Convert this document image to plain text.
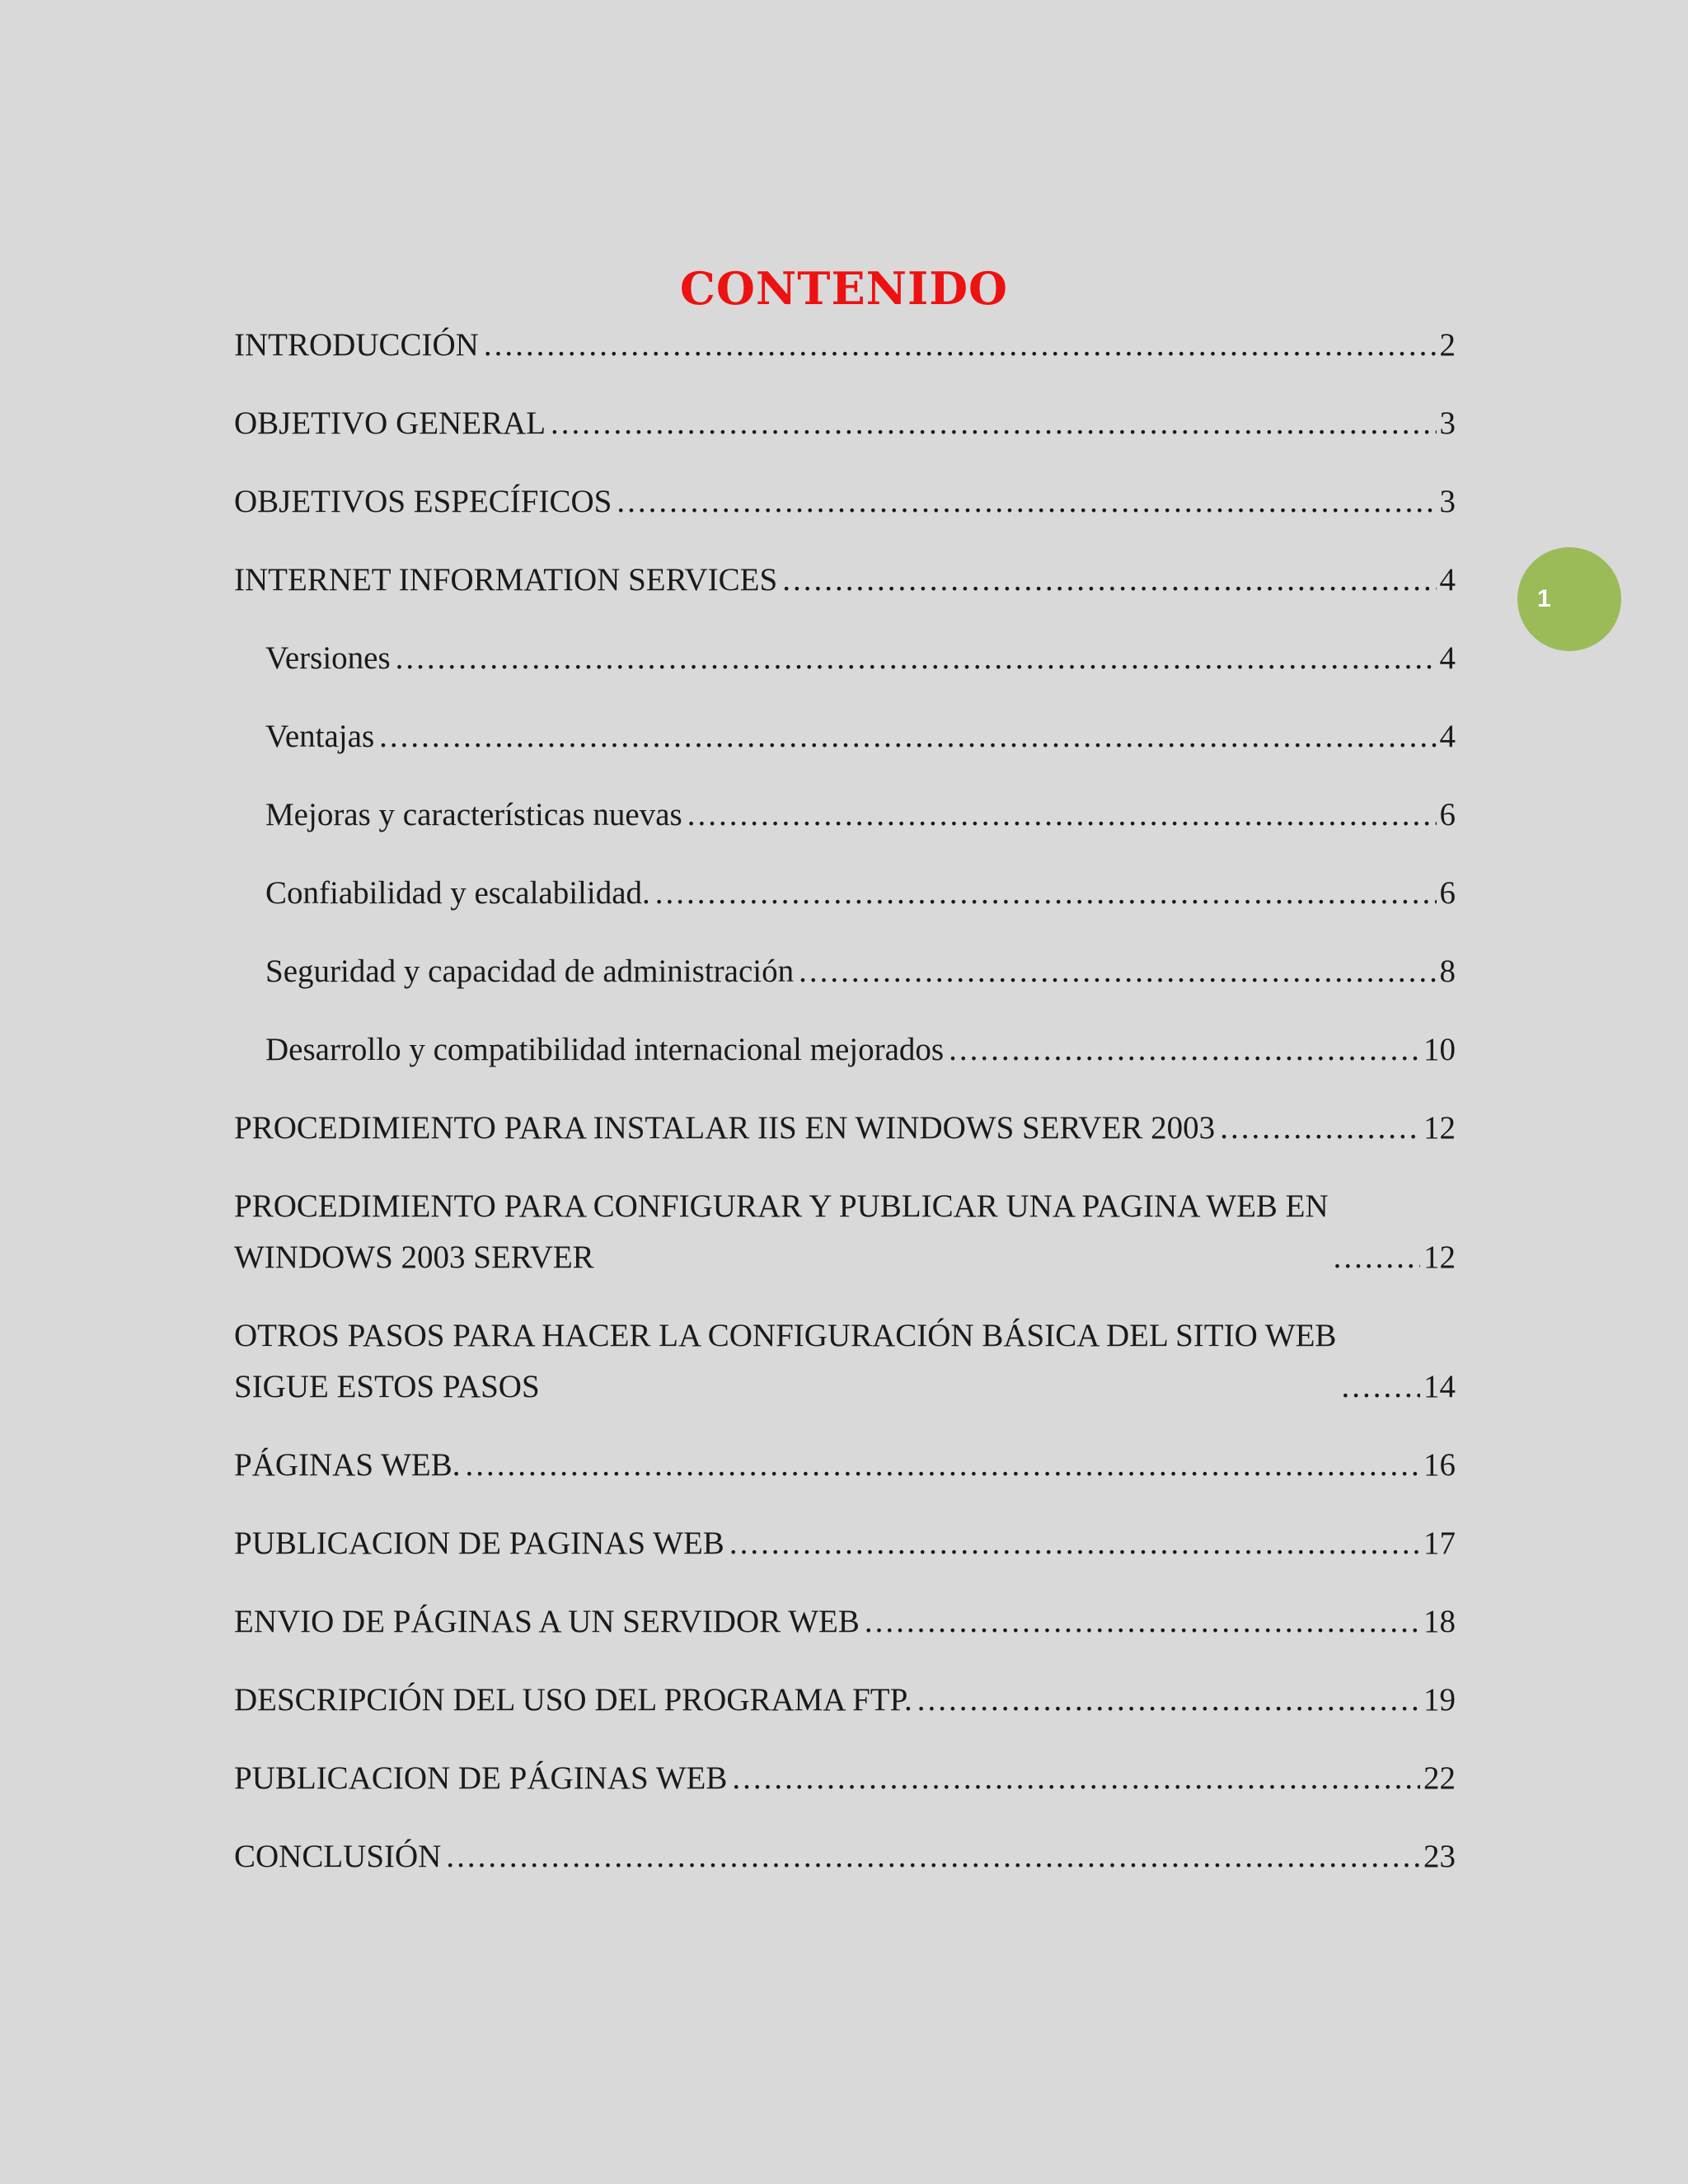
CONTENIDO
INTRODUCCIÓN .....	2
OBJETIVO GENERAL .....	3
OBJETIVOS ESPECÍFICOS .....	3
INTERNET INFORMATION SERVICES .....	4
Versiones .....	4
Ventajas .....	4
Mejoras y características nuevas .....	6
Confiabilidad y escalabilidad. .....	6
Seguridad y capacidad de administración .....	8
Desarrollo y compatibilidad internacional mejorados .....	10
PROCEDIMIENTO PARA INSTALAR IIS EN WINDOWS SERVER 2003 .....	12
PROCEDIMIENTO PARA CONFIGURAR Y PUBLICAR UNA PAGINA WEB EN
WINDOWS 2003 SERVER .....	12
OTROS PASOS PARA HACER LA CONFIGURACIÓN BÁSICA DEL SITIO WEB
SIGUE ESTOS PASOS .....	14
PÁGINAS WEB. .....	16
PUBLICACION DE PAGINAS WEB .....	17
ENVIO DE PÁGINAS A UN SERVIDOR WEB .....	18
DESCRIPCIÓN DEL USO DEL PROGRAMA FTP. .....	19
PUBLICACION DE PÁGINAS WEB .....	22
CONCLUSIÓN .....	23
1
